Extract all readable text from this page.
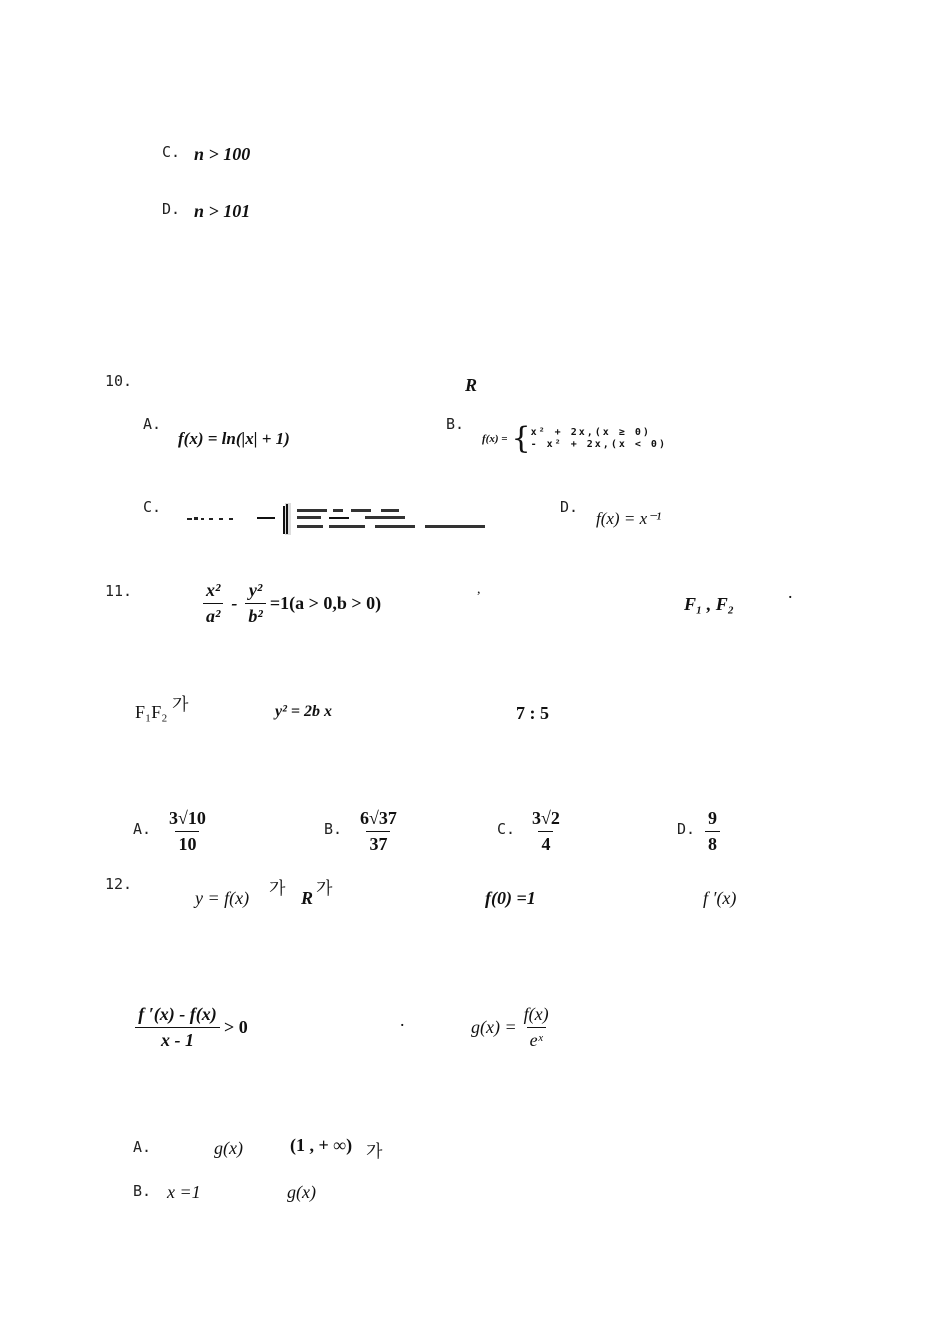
C. n > 100
D. n > 101
10.	R
A.
f(x) = ln(|x| + 1)
B.
f(x) = { x² + 2x,(x ≥ 0)
- x² + 2x,(x < 0)
C.	D.
f(x) = x⁻¹
11.	$\frac{\text{x²}}{\text{a²}} - \frac{\text{y²}}{\text{b²}} =1(a > 0,b > 0)$
,
F₁ , F₂
.
F₁F₂ 가	y² = 2b x	7 : 5
A. $\frac{3√10}{10}$	B. $\frac{6√37}{37}$	C. $\frac{3√2}{4}$	D. $\frac{9}{8}$
12.
y = f(x) 가 R 가	f(0) =1	f ′(x)
$\frac{f '(x) - f(x)}{x - 1} > 0$	.	$g(x) = \frac{f(x)}{\text{eˣ}}$
A.	g(x)	(1 , + ∞) 가
B. x =1	g(x)
